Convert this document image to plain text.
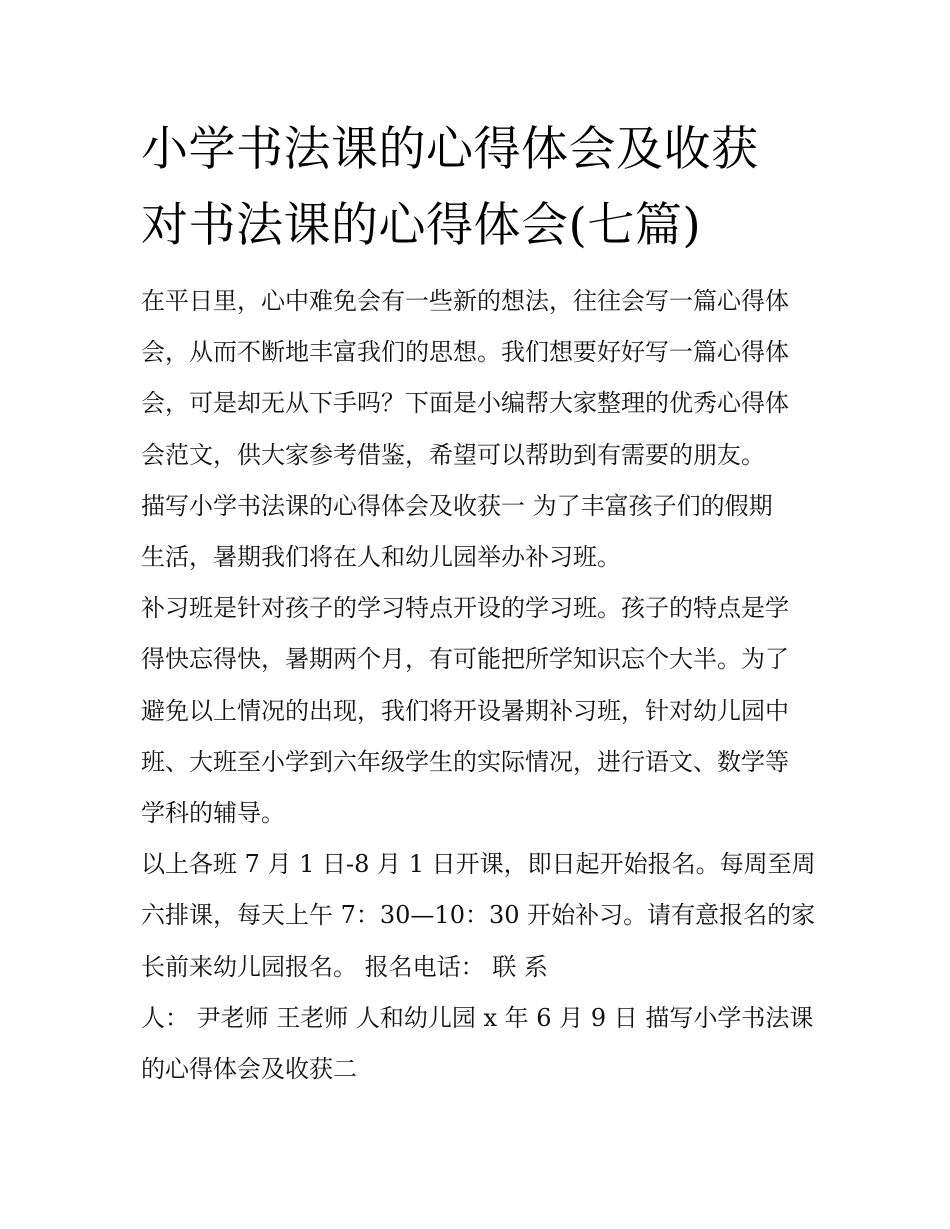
小学书法课的心得体会及收获
对书法课的心得体会(七篇)
在平日里，心中难免会有一些新的想法，往往会写一篇心得体
会，从而不断地丰富我们的思想。我们想要好好写一篇心得体
会，可是却无从下手吗？下面是小编帮大家整理的优秀心得体
会范文，供大家参考借鉴，希望可以帮助到有需要的朋友。
描写小学书法课的心得体会及收获一 为了丰富孩子们的假期
生活，暑期我们将在人和幼儿园举办补习班。
补习班是针对孩子的学习特点开设的学习班。孩子的特点是学
得快忘得快，暑期两个月，有可能把所学知识忘个大半。为了
避免以上情况的出现，我们将开设暑期补习班，针对幼儿园中
班、大班至小学到六年级学生的实际情况，进行语文、数学等
学科的辅导。
以上各班 7 月 1 日-8 月 1 日开课，即日起开始报名。每周至周
六排课，每天上午 7：30—10：30 开始补习。请有意报名的家
长前来幼儿园报名。 报名电话： 联 系
人： 尹老师 王老师 人和幼儿园 x 年 6 月 9 日 描写小学书法课
的心得体会及收获二
